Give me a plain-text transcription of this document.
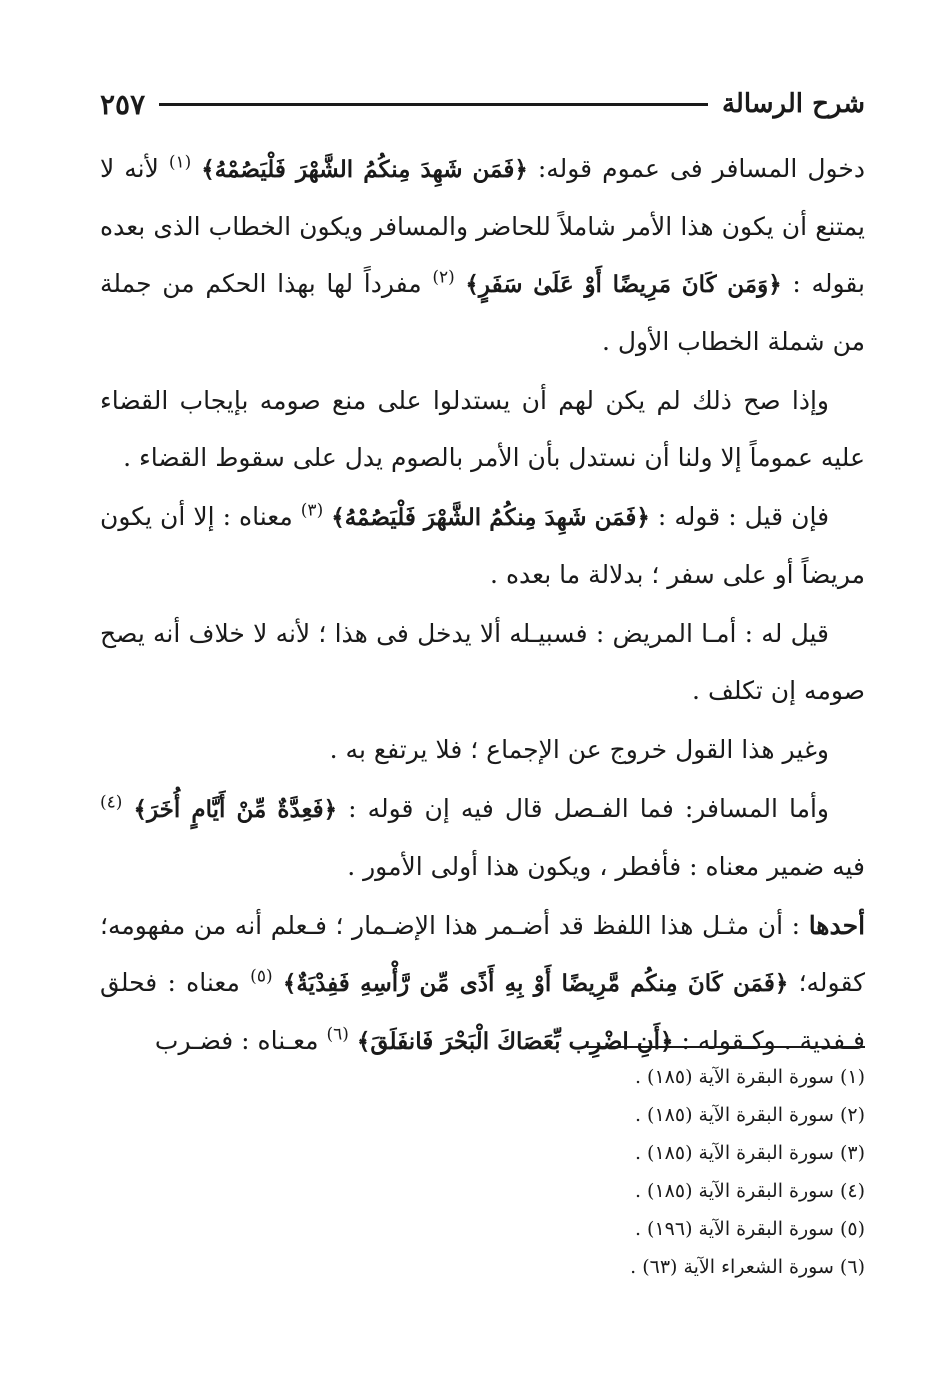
شرح الرسالة
٢٥٧

دخول المسافر فى عموم قوله: ﴿فَمَن شَهِدَ مِنكُمُ الشَّهْرَ فَلْيَصُمْهُ﴾ $^{(١)}$ لأنه لا يمتنع أن يكون هذا الأمر شاملاً للحاضر والمسافر ويكون الخطاب الذى بعده بقوله : ﴿وَمَن كَانَ مَرِيضًا أَوْ عَلَىٰ سَفَرٍ﴾ $^{(٢)}$ مفرداً لها بهذا الحكم من جملة من شملة الخطاب الأول .

وإذا صح ذلك لم يكن لهم أن يستدلوا على منع صومه بإيجاب القضاء عليه عموماً إلا ولنا أن نستدل بأن الأمر بالصوم يدل على سقوط القضاء .

فإن قيل : قوله : ﴿فَمَن شَهِدَ مِنكُمُ الشَّهْرَ فَلْيَصُمْهُ﴾ $^{(٣)}$ معناه : إلا أن يكون مريضاً أو على سفر ؛ بدلالة ما بعده .

قيل له : أمـا المريض : فسبيـله ألا يدخل فى هذا ؛ لأنه لا خلاف أنه يصح صومه إن تكلف .

وغير هذا القول خروج عن الإجماع ؛ فلا يرتفع به .

وأما المسافر: فما الفـصل قال فيه إن قوله : ﴿فَعِدَّةٌ مِّنْ أَيَّامٍ أُخَرَ﴾ $^{(٤)}$ فيه ضمير معناه : فأفطر ، ويكون هذا أولى الأمور .

أحدها : أن مثـل هذا اللفظ قد أضـمر هذا الإضـمار ؛ فـعلم أنه من مفهومه؛ كقوله؛ ﴿فَمَن كَانَ مِنكُم مَّرِيضًا أَوْ بِهِ أَذًى مِّن رَّأْسِهِ فَفِدْيَةٌ﴾ $^{(٥)}$ معناه : فحلق فـفدية . وكـقوله : ﴿أَنِ اضْرِب بِّعَصَاكَ الْبَحْرَ فَانفَلَقَ﴾ $^{(٦)}$ معـناه : فضـرب

(١) سورة البقرة الآية (١٨٥) .
(٢) سورة البقرة الآية (١٨٥) .
(٣) سورة البقرة الآية (١٨٥) .
(٤) سورة البقرة الآية (١٨٥) .
(٥) سورة البقرة الآية (١٩٦) .
(٦) سورة الشعراء الآية (٦٣) .
